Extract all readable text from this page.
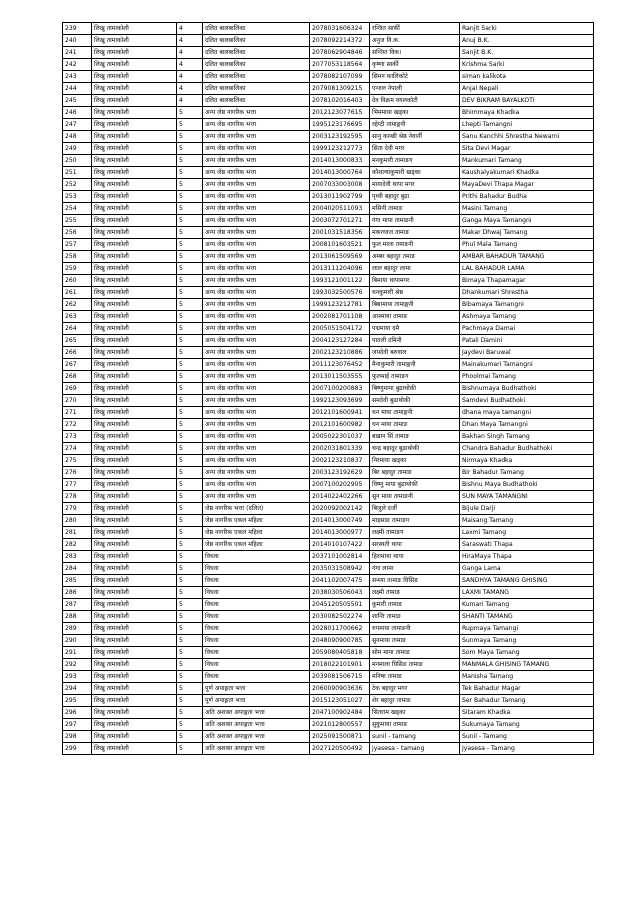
239	लिखु तामाकोशी	4	दलित बालबालिका	2078031606324	रन्जित सार्की	Ranjit Sarki
240	लिखु तामाकोशी	4	दलित बालबालिका	2078092214372	अनुज वि.क.	Anuj B.K.
241	लिखु तामाकोशी	4	दलित बालबालिका	2078062904846	सन्जित विक।	Sanjit B.K.
242	लिखु तामाकोशी	4	दलित बालबालिका	2077053118564	कृष्णा सार्की	Krishma Sarki
243	लिखु तामाकोशी	4	दलित बालबालिका	2078082107099	सिमन कालिकोटे	siman kalikota
244	लिखु तामाकोशी	4	दलित बालबालिका	2079081309215	एन्जल नेपाली	Anjal Nepali
245	लिखु तामाकोशी	4	दलित बालबालिका	2078102016403	देव विक्रम वयलकोटी	DEV BIKRAM BAYALKOTI
246	लिखु तामाकोशी	5	अन्य जेष्ठ नागरिक भत्ता	2012123077615	भिममाया खड्का	Bhimmaya Khadka
247	लिखु तामाकोशी	5	अन्य जेष्ठ नागरिक भत्ता	1995123176695	ल्हेप्टी तामाङ्गनी	Lhepti Tamangni
248	लिखु तामाकोशी	5	अन्य जेष्ठ नागरिक भत्ता	2003123192595	सानु कान्छी श्रेष्ठ नेवार्नी	Sanu Kanchhi Shrestha Newarni
249	लिखु तामाकोशी	5	अन्य जेष्ठ नागरिक भत्ता	1999123212773	सिता देवी मगर	Sita Devi Magar
250	लिखु तामाकोशी	5	अन्य जेष्ठ नागरिक भत्ता	2014013000833	मनकुमारी तामाङग	Mankumari Tamang
251	लिखु तामाकोशी	5	अन्य जेष्ठ नागरिक भत्ता	2014013000764	कौशल्याकुमारी खड्का	Kaushalyakumari Khadka
252	लिखु तामाकोशी	5	अन्य जेष्ठ नागरिक भत्ता	2007033003008	मायादेवी थापा मगर	MayaDevi Thapa Magar
253	लिखु तामाकोशी	5	अन्य जेष्ठ नागरिक भत्ता	2013011902799	पृथ्वी बहादुर बुढा	Prithi Bahadur Budha
254	लिखु तामाकोशी	5	अन्य जेष्ठ नागरिक भत्ता	2004020511093	मसिनी तामाङ	Masini Tamang
255	लिखु तामाकोशी	5	अन्य जेष्ठ नागरिक भत्ता	2003072701271	गंगा माया तामाङनी	Ganga Maya Tamangni
256	लिखु तामाकोशी	5	अन्य जेष्ठ नागरिक भत्ता	2001031518356	मकरध्वज तामाङ	Makar Dhwaj Tamang
257	लिखु तामाकोशी	5	अन्य जेष्ठ नागरिक भत्ता	2008101603521	फुल माला तमाङनी	Phul Mala Tamang
258	लिखु तामाकोशी	5	अन्य जेष्ठ नागरिक भत्ता	2013061509569	अम्बर बहादुर तमाङ	AMBAR BAHADUR TAMANG
259	लिखु तामाकोशी	5	अन्य जेष्ठ नागरिक भत्ता	2013111204096	लाल बहादुर लामा	LAL BAHADUR LAMA
260	लिखु तामाकोशी	5	अन्य जेष्ठ नागरिक भत्ता	1993121001122	बिमाया थापामगर	Bimaya Thapamagar
261	लिखु तामाकोशी	5	अन्य जेष्ठ नागरिक भत्ता	1993032500576	धनकुमारी श्रेष्ठ	Dhankumari Shrestha
262	लिखु तामाकोशी	5	अन्य जेष्ठ नागरिक भत्ता	1999123212781	बिबामाया तामाङ्गनी	Bibamaya Tamangni
263	लिखु तामाकोशी	5	अन्य जेष्ठ नागरिक भत्ता	2002081701108	आश्माया तामाङ	Ashmaya Tamang
264	लिखु तामाकोशी	5	अन्य जेष्ठ नागरिक भत्ता	2005051504172	पद्ममाया दमै	Pachmaya Damai
265	लिखु तामाकोशी	5	अन्य जेष्ठ नागरिक भत्ता	2004123127284	पातली दमिनी	Patali Damini
266	लिखु तामाकोशी	5	अन्य जेष्ठ नागरिक भत्ता	2002123210886	जयदेवी बरुवाल	Jaydevi Baruwal
267	लिखु तामाकोशी	5	अन्य जेष्ठ नागरिक भत्ता	2011123076452	मैनाकुमारी तामाङ्गनी	Mainakumari Tamangni
268	लिखु तामाकोशी	5	अन्य जेष्ठ नागरिक भत्ता	2013011503555	फुलमाई तामाङग	Phoolmai Tamang
269	लिखु तामाकोशी	5	अन्य जेष्ठ नागरिक भत्ता	2007100200883	बिष्णुमाया बुढाथोकी	Bishnumaya Budhathoki
270	लिखु तामाकोशी	5	अन्य जेष्ठ नागरिक भत्ता	1992123093699	समदेवी बुढाथोकी	Samdevi Budhathoki
271	लिखु तामाकोशी	5	अन्य जेष्ठ नागरिक भत्ता	2012101600941	धन माया तामाङ्गनी	dhana maya tamangni
272	लिखु तामाकोशी	5	अन्य जेष्ठ नागरिक भत्ता	2012101600982	धन माया तामाङ	Dhan Maya Tamangni
273	लिखु तामाकोशी	5	अन्य जेष्ठ नागरिक भत्ता	2005022301037	बखान सिं तामाङ	Bakhan Singh Tamang
274	लिखु तामाकोशी	5	अन्य जेष्ठ नागरिक भत्ता	2002031801339	चन्द्र बहादुर बुढाथोकी	Chandra Bahadur Budhathoki
275	लिखु तामाकोशी	5	अन्य जेष्ठ नागरिक भत्ता	2002123210837	निरमाया खड्का	Nirmaya Khadka
276	लिखु तामाकोशी	5	अन्य जेष्ठ नागरिक भत्ता	2003123192629	बिर बहादुर तामाङ	Bir Bahadur Tamang
277	लिखु तामाकोशी	5	अन्य जेष्ठ नागरिक भत्ता	2007100202905	विष्णु माया बुढाथोकी	Bishnu Maya Budhathoki
278	लिखु तामाकोशी	5	अन्य जेष्ठ नागरिक भत्ता	2014022402266	सुन माया तामाङनी	SUN MAYA TAMANGNI
279	लिखु तामाकोशी	5	जेष्ठ नागरिक भत्ता (दलित)	2020092002142	बिजुले दर्जी	Bijule Darji
280	लिखु तामाकोशी	5	जेष्ठ नागरिक एकल महिला	2014013000749	माइसाङ तामाङग	Maisang Tamang
281	लिखु तामाकोशी	5	जेष्ठ नागरिक एकल महिला	2014013000977	लक्ष्मी तामाङग	Laxmi Tamang
282	लिखु तामाकोशी	5	जेष्ठ नागरिक एकल महिला	2014010107422	सरस्वती थापा	Saraswati Thapa
283	लिखु तामाकोशी	5	विधवा	2037101002814	हिरामाया थापा	HiraMaya Thapa
284	लिखु तामाकोशी	5	विधवा	2035031508942	गंगा लामा	Ganga Lama
285	लिखु तामाकोशी	5	विधवा	2041102007475	सन्ध्या तामाङ घिसिङ	SANDHYA TAMANG GHISING
286	लिखु तामाकोशी	5	विधवा	2038030506043	लक्ष्मी तामाङ	LAXMI TAMANG
287	लिखु तामाकोशी	5	विधवा	2045120505501	कुमारी तामाङ	Kumari Tamang
288	लिखु तामाकोशी	5	विधवा	2030082502274	शान्ति तामाङ	SHANTI TAMANG
289	लिखु तामाकोशी	5	विधवा	2028011700662	रुपमाया तामाङनी	Rupmaya Tamangi
290	लिखु तामाकोशी	5	विधवा	2048090900785	सुनमाया तामाङ	Sunmaya Tamang
291	लिखु तामाकोशी	5	विधवा	2059080405818	सोम माया तामाङ	Som Maya Tamang
292	लिखु तामाकोशी	5	विधवा	2018022101901	मनमाला घिसिङ तामाङ	MANMALA GHISING TAMANG
293	लिखु तामाकोशी	5	विधवा	2039081506715	मनिषा तामाङ	Manisha Tamang
294	लिखु तामाकोशी	5	पूर्ण अपाङ्गता भत्ता	2060090903636	टेक बहादुर मगर	Tek Bahadur Magar
295	लिखु तामाकोशी	5	पूर्ण अपाङ्गता भत्ता	2015123051027	शेर बहादुर तामाङ	Ser Bahadur Tamang
296	लिखु तामाकोशी	5	अति अशक्त अपाङ्गता भत्ता	2047100902484	सितराम खड्का	Sitaram Khadka
297	लिखु तामाकोशी	5	अति अशक्त अपाङ्गता भत्ता	2021012800557	सुकुमाया तामाङ	Sukumaya Tamang
298	लिखु तामाकोशी	5	अति अशक्त अपाङ्गता भत्ता	2025091500871	sunil - tamang	Sunil - Tamang
299	लिखु तामाकोशी	5	अति अशक्त अपाङ्गता भत्ता	2027120500492	jyasesa - tamang	Jyasesa - Tamang
